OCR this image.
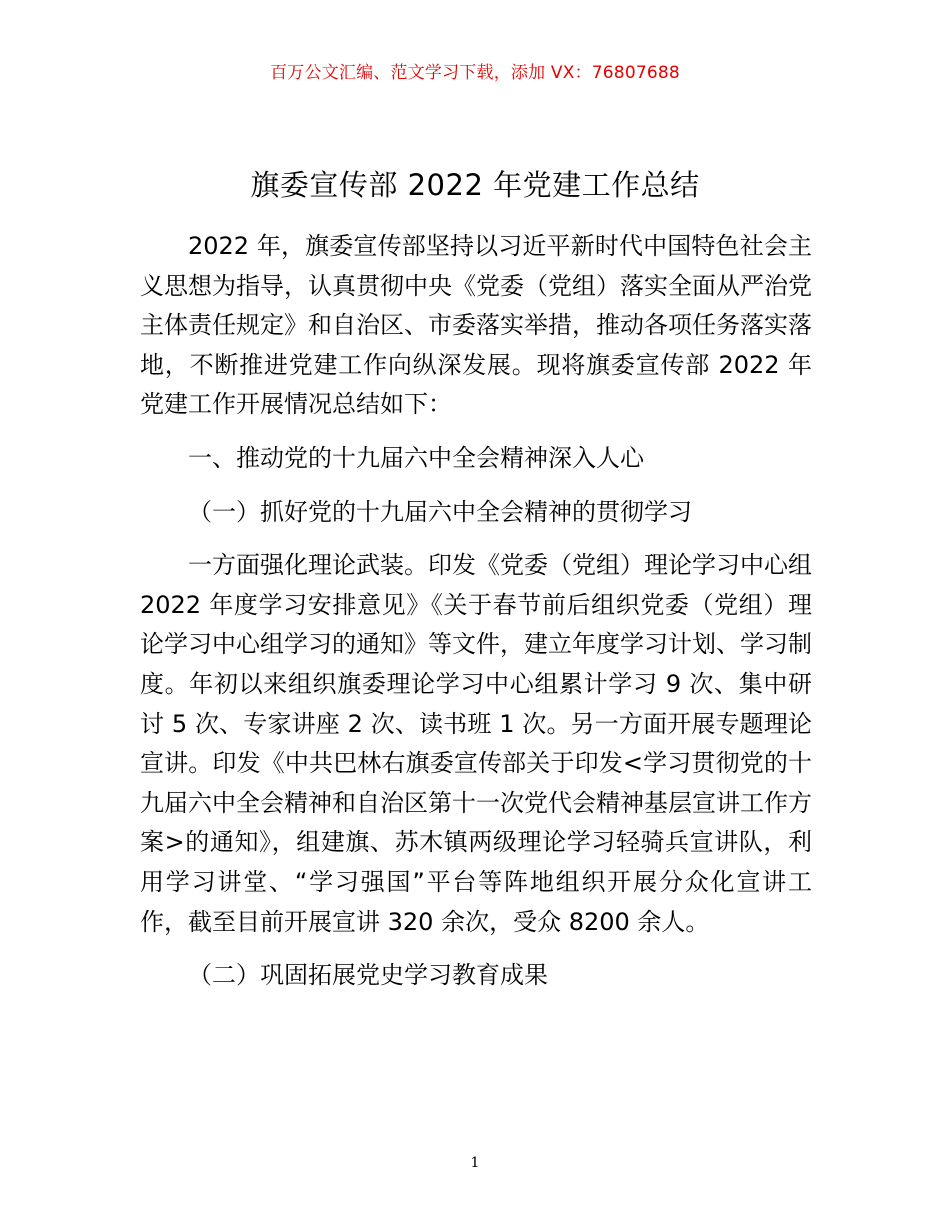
百万公文汇编、范文学习下载，添加 VX：76807688
旗委宣传部 2022 年党建工作总结

2022 年，旗委宣传部坚持以习近平新时代中国特色社会主义思想为指导，认真贯彻中央《党委（党组）落实全面从严治党主体责任规定》和自治区、市委落实举措，推动各项任务落实落地，不断推进党建工作向纵深发展。现将旗委宣传部 2022 年党建工作开展情况总结如下：

一、推动党的十九届六中全会精神深入人心

（一）抓好党的十九届六中全会精神的贯彻学习

一方面强化理论武装。印发《党委（党组）理论学习中心组 2022 年度学习安排意见》《关于春节前后组织党委（党组）理论学习中心组学习的通知》等文件，建立年度学习计划、学习制度。年初以来组织旗委理论学习中心组累计学习 9 次、集中研讨 5 次、专家讲座 2 次、读书班 1 次。另一方面开展专题理论宣讲。印发《中共巴林右旗委宣传部关于印发<学习贯彻党的十九届六中全会精神和自治区第十一次党代会精神基层宣讲工作方案>的通知》，组建旗、苏木镇两级理论学习轻骑兵宣讲队，利用学习讲堂、“学习强国”平台等阵地组织开展分众化宣讲工作，截至目前开展宣讲 320 余次，受众 8200 余人。

（二）巩固拓展党史学习教育成果

1
